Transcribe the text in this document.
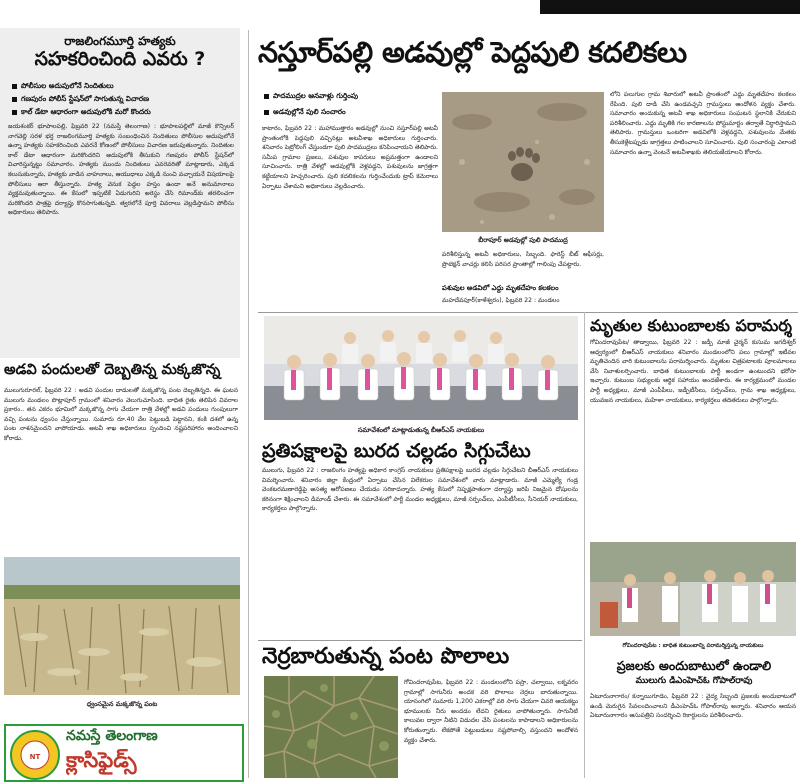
రాజలింగమూర్తి హత్యకు
సహకరించింది ఎవరు ?
పోలీసుల అదుపులోనే నిందితులు
గణపురం పోలీస్ స్టేషన్‌లో సాగుతున్న విచారణ
కాల్ డేటా ఆధారంగా అదుపులోకి మరో కొందరు
జయశంకర్ భూపాలపల్లి, ఫిబ్రవరి 22 (నమస్తే తెలంగాణ) : భూపాలపల్లిలో మాజీ కౌన్సిలర్ నాగవెల్లి సరళ భర్త రాజలింగమూర్తి హత్యకు సంబంధించిన నిందితులు పోలీసుల అదుపులోనే ఉన్నా హత్యకు సహకరించింది ఎవరనే కోణంలో పోలీసులు విచారణ జరుపుతున్నారు. నిందితుల కాల్ డేటా ఆధారంగా మరికొందరిని అదుపులోకి తీసుకుని గణపురం పోలీస్ స్టేషన్‌లో విచారిస్తున్నట్టు సమాచారం. హత్యకు ముందు నిందితులు ఎవరెవరితో మాట్లాడారు, ఎక్కడ కలుసుకున్నారు, హత్యకు వాడిన వాహనాలు, ఆయుధాలు ఎక్కడి నుంచి వచ్చాయనే విషయాలపై పోలీసులు ఆరా తీస్తున్నారు. హత్య వెనుక పెద్దల హస్తం ఉందా అనే అనుమానాలు వ్యక్తమవుతున్నాయి. ఈ కేసులో ఇప్పటికే ఏడుగురిని అరెస్టు చేసి రిమాండ్‌కు తరలించగా మరికొందరి పాత్రపై దర్యాప్తు కొనసాగుతున్నది. త్వరలోనే పూర్తి వివరాలు వెల్లడిస్తామని పోలీసు అధికారులు తెలిపారు.
అడవి పందులతో దెబ్బతిన్న మక్కజొన్న
ములుగురూరల్, ఫిబ్రవరి 22 : అడవి పందుల దాడులతో మక్కజొన్న పంట దెబ్బతిన్నది. ఈ ఘటన ములుగు మండలం పొట్లాపూర్ గ్రామంలో శనివారం వెలుగుచూసింది. బాధిత రైతు తెలిపిన వివరాల ప్రకారం.. తన ఎకరం భూమిలో మక్కజొన్న సాగు చేయగా రాత్రి వేళల్లో అడవి పందులు గుంపులుగా వచ్చి పంటను ధ్వంసం చేస్తున్నాయి. సుమారు రూ.40 వేల పెట్టుబడి పెట్టానని, కంకి దశలో ఉన్న పంట నాశనమైందని వాపోయాడు. అటవీ శాఖ అధికారులు స్పందించి నష్టపరిహారం అందించాలని కోరాడు.
ధ్వంసమైన మక్కజొన్న పంట
NT
నమస్తే తెలంగాణ
క్లాసిఫైడ్స్
నస్తూర్‌పల్లి అడవుల్లో పెద్దపులి కదలికలు
పాదముద్రల ఆనవాళ్లు గుర్తింపు
అడవుల్లోనే పులి సంచారం
కాటారం, ఫిబ్రవరి 22 : మహాముత్తారం అడవుల్లో నుంచి నస్తూర్‌పల్లి అటవీ ప్రాంతంలోకి పెద్దపులి వచ్చినట్లు అటవీశాఖ అధికారులు గుర్తించారు. శనివారం పెట్రోలింగ్ చేస్తుండగా పులి పాదముద్రలు కనిపించాయని తెలిపారు. సమీప గ్రామాల ప్రజలు, పశువుల కాపరులు అప్రమత్తంగా ఉండాలని సూచించారు. రాత్రి వేళల్లో అడవుల్లోకి వెళ్లవద్దని, పశువులను జాగ్రత్తగా కట్టేయాలని హెచ్చరించారు. పులి కదలికలను గుర్తించేందుకు ట్రాప్ కెమెరాలు ఏర్పాటు చేశామని అధికారులు వెల్లడించారు.
బీరాపూర్ అడవుల్లో పులి పాదముద్ర
పరిశీలిస్తున్న అటవీ అధికారులు, సిబ్బంది. ఫారెస్ట్ బీట్ ఆఫీసర్లు, ప్రొటెక్షన్ వాచర్లు కలిసి పరిసర ప్రాంతాల్లో గాలింపు చేపట్టారు.
పశువుల అడవిలో ఎద్దు మృతదేహం కలకలం
మహదేవపూర్(కాళేశ్వరం), ఫిబ్రవరి 22 : మండలం
లోని పలుగుల గ్రామ శివారులో అటవీ ప్రాంతంలో ఎద్దు మృతదేహం కలకలం రేపింది. పులి దాడి చేసి ఉండవచ్చని గ్రామస్తులు ఆందోళన వ్యక్తం చేశారు. సమాచారం అందుకున్న అటవీ శాఖ అధికారులు సంఘటన స్థలానికి చేరుకుని పరిశీలించారు. ఎద్దు మృతికి గల కారణాలను పోస్టుమార్టం తర్వాతే నిర్ధారిస్తామని తెలిపారు. గ్రామస్తులు ఒంటరిగా అడవిలోకి వెళ్లవద్దని, పశువులను మేతకు తీసుకెళ్లేటప్పుడు జాగ్రత్తలు పాటించాలని సూచించారు. పులి సంచారంపై ఎలాంటి సమాచారం ఉన్నా వెంటనే అటవీశాఖకు తెలియజేయాలని కోరారు.
సమావేశంలో మాట్లాడుతున్న బీఆర్‌ఎస్ నాయకులు
ప్రతిపక్షాలపై బురద చల్లడం సిగ్గుచేటు
ములుగు, ఫిబ్రవరి 22 : రాజలింగం హత్యపై అధికార కాంగ్రెస్ నాయకులు ప్రతిపక్షాలపై బురద చల్లడం సిగ్గుచేటని బీఆర్‌ఎస్ నాయకులు విమర్శించారు. శనివారం జిల్లా కేంద్రంలో ఏర్పాటు చేసిన విలేకరుల సమావేశంలో వారు మాట్లాడారు. మాజీ ఎమ్మెల్యే గండ్ర వెంకటరమణారెడ్డిపై అసత్య ఆరోపణలు చేయడం సరికాదన్నారు. హత్య కేసులో నిష్పక్షపాతంగా దర్యాప్తు జరిపి నిజమైన దోషులను కఠినంగా శిక్షించాలని డిమాండ్ చేశారు. ఈ సమావేశంలో పార్టీ మండల అధ్యక్షులు, మాజీ సర్పంచ్‌లు, ఎంపీటీసీలు, సీనియర్ నాయకులు, కార్యకర్తలు పాల్గొన్నారు.
నెర్రబారుతున్న పంట పొలాలు
గోవిందరావుపేట, ఫిబ్రవరి 22 : మండలంలోని పస్రా, చల్వాయి, లక్నవరం గ్రామాల్లో సాగునీరు అందక వరి పొలాలు నెర్రలు బారుతున్నాయి. యాసంగిలో సుమారు 1,200 ఎకరాల్లో వరి సాగు చేయగా చివరి ఆయకట్టు భూములకు నీరు అందడం లేదని రైతులు వాపోతున్నారు. సాగునీటి కాలువల ద్వారా నీటిని విడుదల చేసి పంటలను కాపాడాలని అధికారులను కోరుతున్నారు. లేకపోతే పెట్టుబడులు నష్టపోవాల్సి వస్తుందని ఆందోళన వ్యక్తం చేశారు.
మృతుల కుటుంబాలకు పరామర్శ
గోవిందరావుపేట/ తాడ్వాయి, ఫిబ్రవరి 22 : జడ్పీ మాజీ చైర్మన్ కుసుమ జగదీశ్వర్ ఆధ్వర్యంలో బీఆర్‌ఎస్ నాయకులు శనివారం మండలంలోని పలు గ్రామాల్లో ఇటీవల మృతిచెందిన వారి కుటుంబాలను పరామర్శించారు. మృతుల చిత్రపటాలకు పూలమాలలు వేసి నివాళులర్పించారు. బాధిత కుటుంబాలకు పార్టీ అండగా ఉంటుందని భరోసా ఇచ్చారు. కుటుంబ సభ్యులకు ఆర్థిక సహాయం అందజేశారు. ఈ కార్యక్రమంలో మండల పార్టీ అధ్యక్షులు, మాజీ ఎంపీపీలు, జడ్పీటీసీలు, సర్పంచ్‌లు, గ్రామ శాఖ అధ్యక్షులు, యువజన నాయకులు, మహిళా నాయకులు, కార్యకర్తలు తదితరులు పాల్గొన్నారు.
గోవిందరావుపేట : బాధిత కుటుంబాన్ని పరామర్శిస్తున్న నాయకులు
ప్రజలకు అందుబాటులో ఉండాలి
ములుగు డీఎంహెచ్‌ఓ గోపాల్‌రావు
ఏటూరునాగారం/ కన్నాయిగూడెం, ఫిబ్రవరి 22 : వైద్య సిబ్బంది ప్రజలకు అందుబాటులో ఉండి మెరుగైన సేవలందించాలని డీఎంహెచ్‌ఓ గోపాల్‌రావు అన్నారు. శనివారం ఆయన ఏటూరునాగారం ఆసుపత్రిని సందర్శించి రికార్డులను పరిశీలించారు.
